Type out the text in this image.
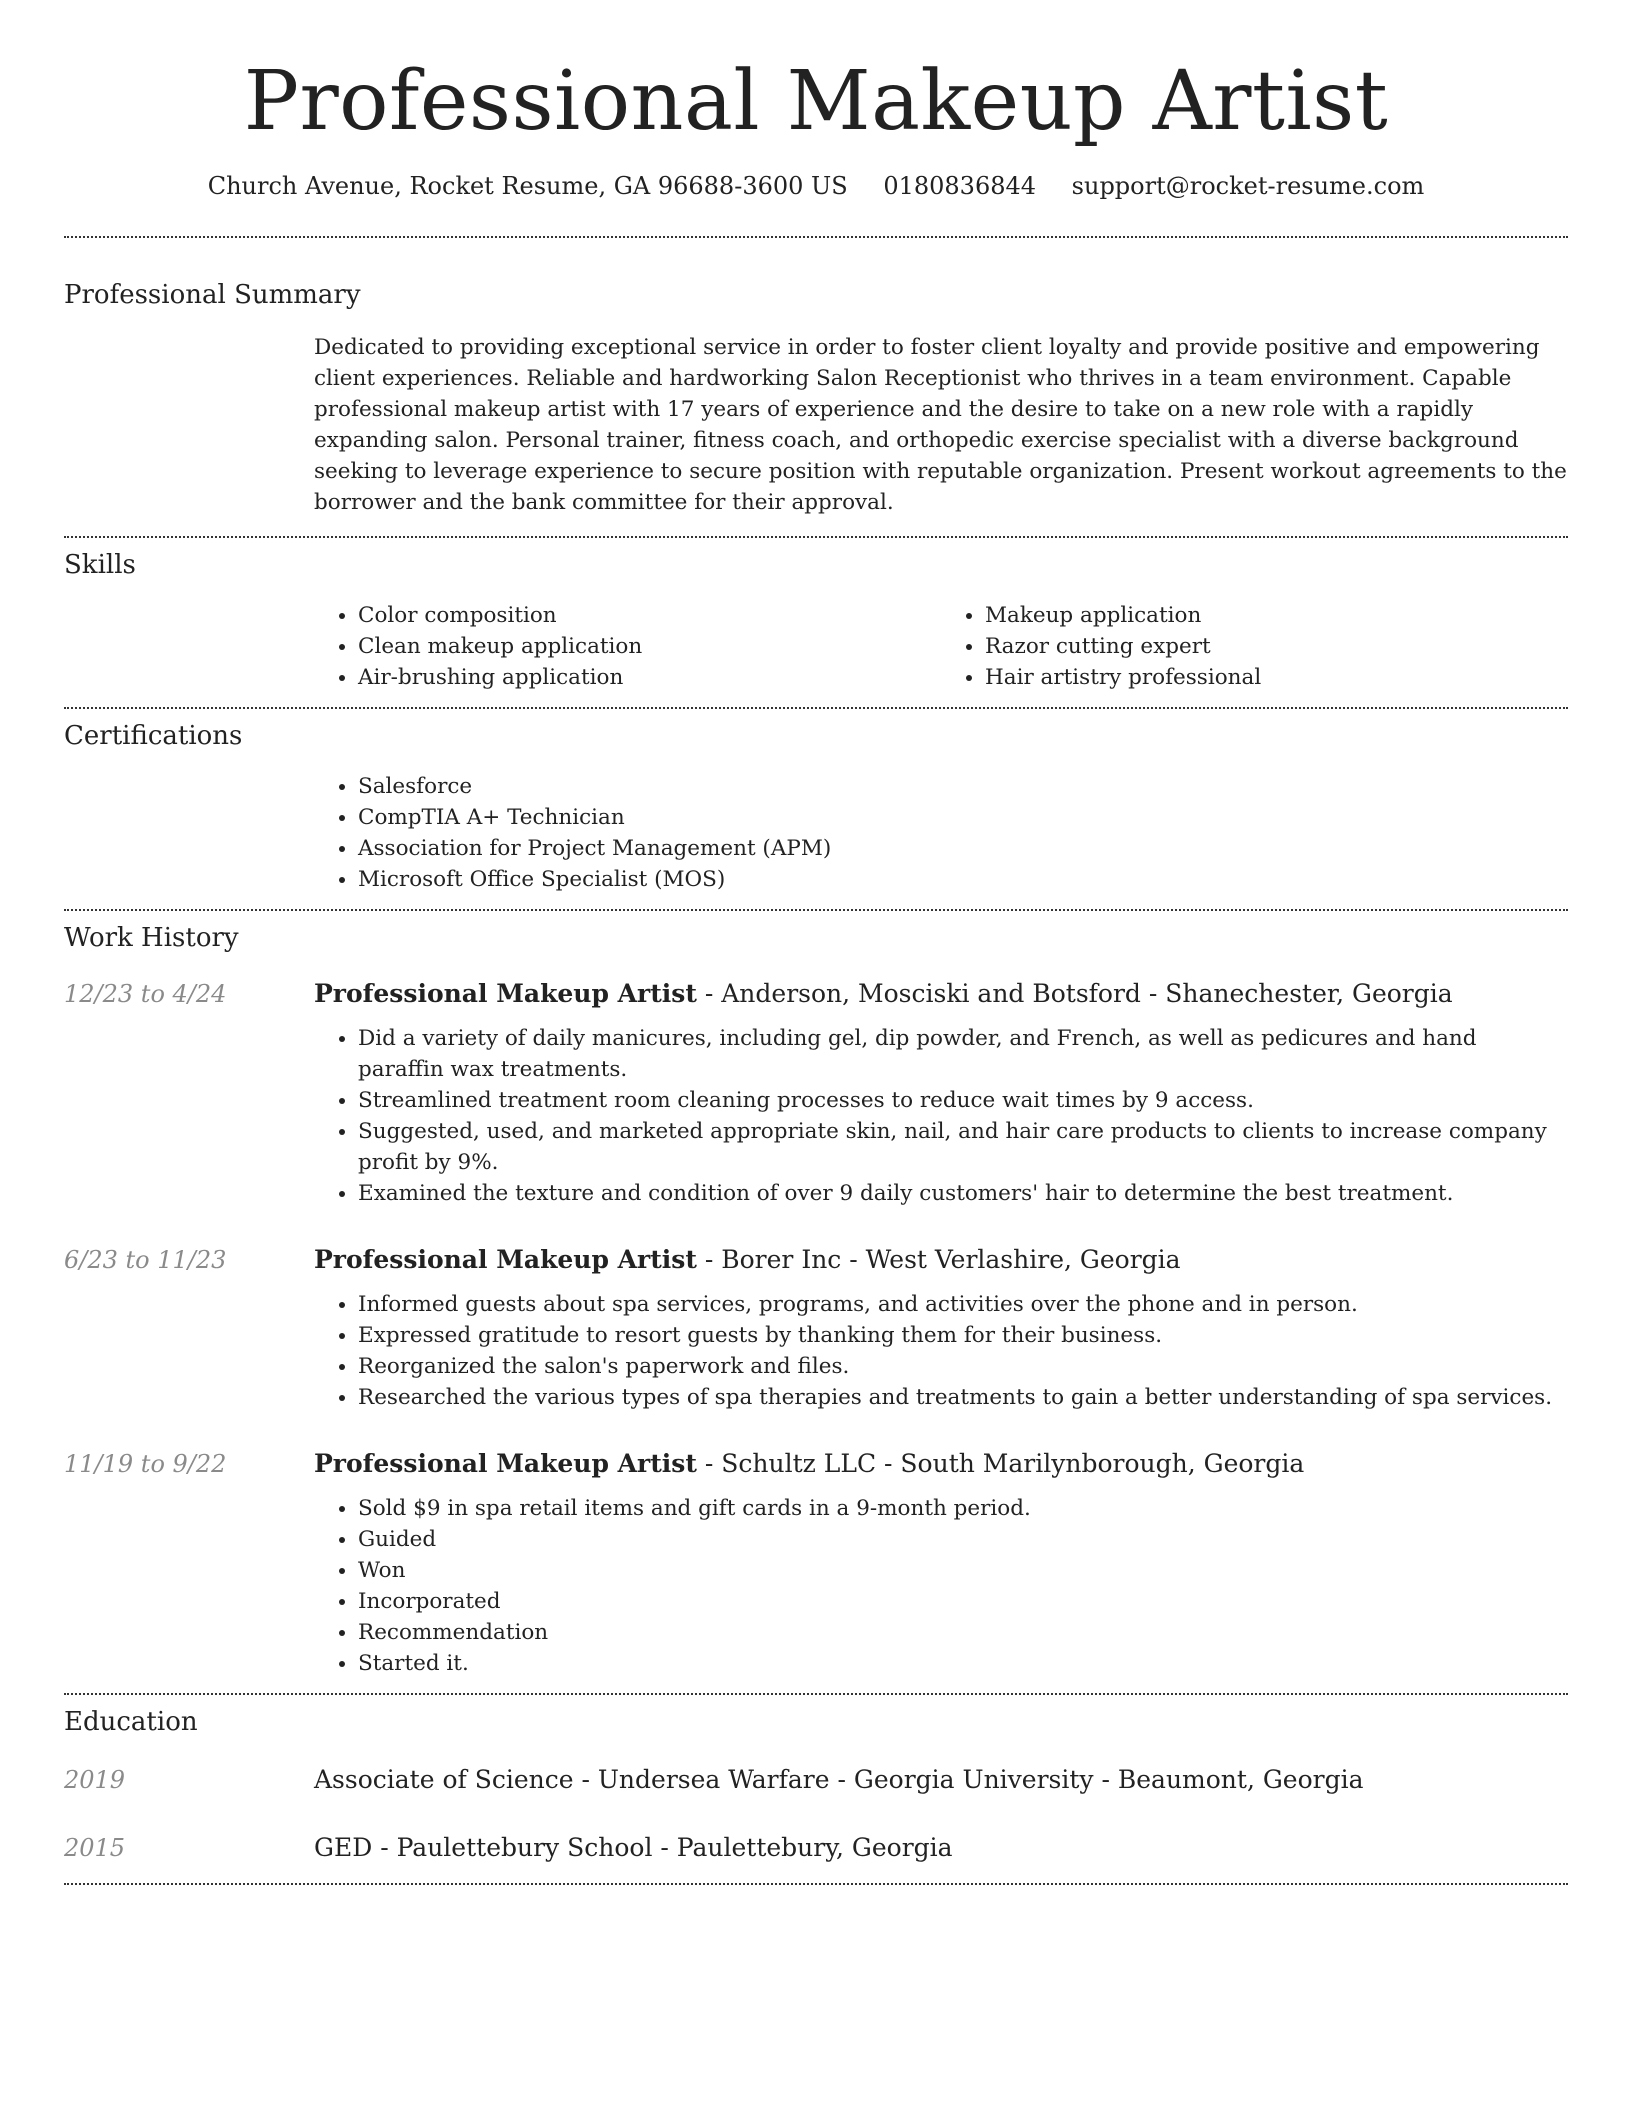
Professional Makeup Artist
Church Avenue, Rocket Resume, GA 96688-3600 US 0180836844 support@rocket-resume.com
Professional Summary

Dedicated to providing exceptional service in order to foster client loyalty and provide positive and empowering client experiences. Reliable and hardworking Salon Receptionist who thrives in a team environment. Capable professional makeup artist with 17 years of experience and the desire to take on a new role with a rapidly expanding salon. Personal trainer, fitness coach, and orthopedic exercise specialist with a diverse background seeking to leverage experience to secure position with reputable organization. Present workout agreements to the borrower and the bank committee for their approval.

Skills
• Color composition
• Clean makeup application
• Air-brushing application
• Makeup application
• Razor cutting expert
• Hair artistry professional
Certifications
• Salesforce
• CompTIA A+ Technician
• Association for Project Management (APM)
• Microsoft Office Specialist (MOS)
Work History
12/23 to 4/24	Professional Makeup Artist - Anderson, Mosciski and Botsford - Shanechester, Georgia
• Did a variety of daily manicures, including gel, dip powder, and French, as well as pedicures and hand paraffin wax treatments.
• Streamlined treatment room cleaning processes to reduce wait times by 9 access.
• Suggested, used, and marketed appropriate skin, nail, and hair care products to clients to increase company profit by 9%.
• Examined the texture and condition of over 9 daily customers' hair to determine the best treatment.
6/23 to 11/23	Professional Makeup Artist - Borer Inc - West Verlashire, Georgia
• Informed guests about spa services, programs, and activities over the phone and in person.
• Expressed gratitude to resort guests by thanking them for their business.
• Reorganized the salon's paperwork and files.
• Researched the various types of spa therapies and treatments to gain a better understanding of spa services.
11/19 to 9/22	Professional Makeup Artist - Schultz LLC - South Marilynborough, Georgia
• Sold $9 in spa retail items and gift cards in a 9-month period.
• Guided
• Won
• Incorporated
• Recommendation
• Started it.
Education
2019	Associate of Science - Undersea Warfare - Georgia University - Beaumont, Georgia
2015	GED - Paulettebury School - Paulettebury, Georgia
